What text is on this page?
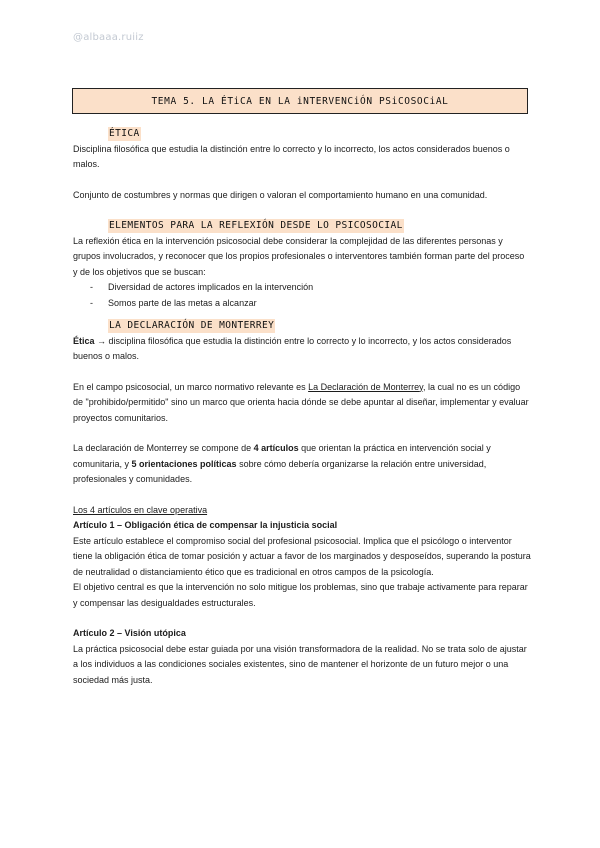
@albaaa.ruiiz
TEMA 5. LA ÉTiCA EN LA iNTERVENCiÓN PSiCOSOCiAL
ÉTICA

Disciplina filosófica que estudia la distinción entre lo correcto y lo incorrecto, los actos considerados buenos o malos.

Conjunto de costumbres y normas que dirigen o valoran el comportamiento humano en una comunidad.

ELEMENTOS PARA LA REFLEXIÓN DESDE LO PSICOSOCIAL

La reflexión ética en la intervención psicosocial debe considerar la complejidad de las diferentes personas y grupos involucrados, y reconocer que los propios profesionales o interventores también forman parte del proceso y de los objetivos que se buscan:

- Diversidad de actores implicados en la intervención
- Somos parte de las metas a alcanzar
LA DECLARACIÓN DE MONTERREY

Ética → disciplina filosófica que estudia la distinción entre lo correcto y lo incorrecto, y los actos considerados buenos o malos.

En el campo psicosocial, un marco normativo relevante es La Declaración de Monterrey, la cual no es un código de "prohibido/permitido" sino un marco que orienta hacia dónde se debe apuntar al diseñar, implementar y evaluar proyectos comunitarios.

La declaración de Monterrey se compone de 4 artículos que orientan la práctica en intervención social y comunitaria, y 5 orientaciones políticas sobre cómo debería organizarse la relación entre universidad, profesionales y comunidades.

Los 4 artículos en clave operativa

Artículo 1 – Obligación ética de compensar la injusticia social

Este artículo establece el compromiso social del profesional psicosocial. Implica que el psicólogo o interventor tiene la obligación ética de tomar posición y actuar a favor de los marginados y desposeídos, superando la postura de neutralidad o distanciamiento ético que es tradicional en otros campos de la psicología.

El objetivo central es que la intervención no solo mitigue los problemas, sino que trabaje activamente para reparar y compensar las desigualdades estructurales.

Artículo 2 – Visión utópica

La práctica psicosocial debe estar guiada por una visión transformadora de la realidad. No se trata solo de ajustar a los individuos a las condiciones sociales existentes, sino de mantener el horizonte de un futuro mejor o una sociedad más justa.
